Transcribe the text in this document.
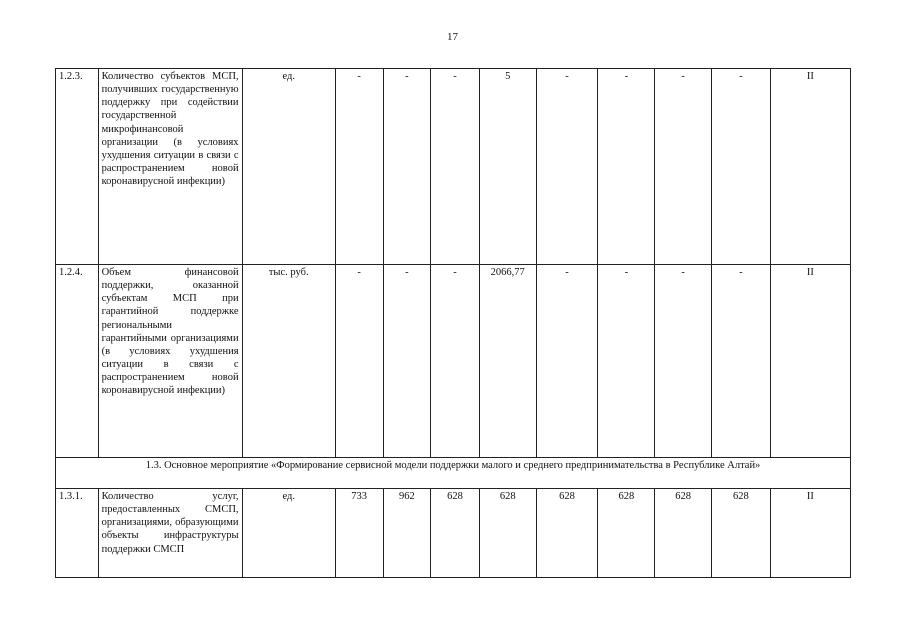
17
1.2.3.	Количество субъектов МСП, получивших государственную поддержку при содействии государственной микрофинансовой организации (в условиях ухудшения ситуации в связи с распространением новой коронавирусной инфекции)	ед.	-	-	-	5	-	-	-	-	II
1.2.4.	Объем финансовой поддержки, оказанной субъектам МСП при гарантийной поддержке региональными гарантийными организациями (в условиях ухудшения ситуации в связи с распространением новой коронавирусной инфекции)	тыс. руб.	-	-	-	2066,77	-	-	-	-	II
1.3. Основное мероприятие «Формирование сервисной модели поддержки малого и среднего предпринимательства в Республике Алтай»											
1.3.1.	Количество услуг, предоставленных СМСП, организациями, образующими объекты инфраструктуры поддержки СМСП	ед.	733	962	628	628	628	628	628	628	II
